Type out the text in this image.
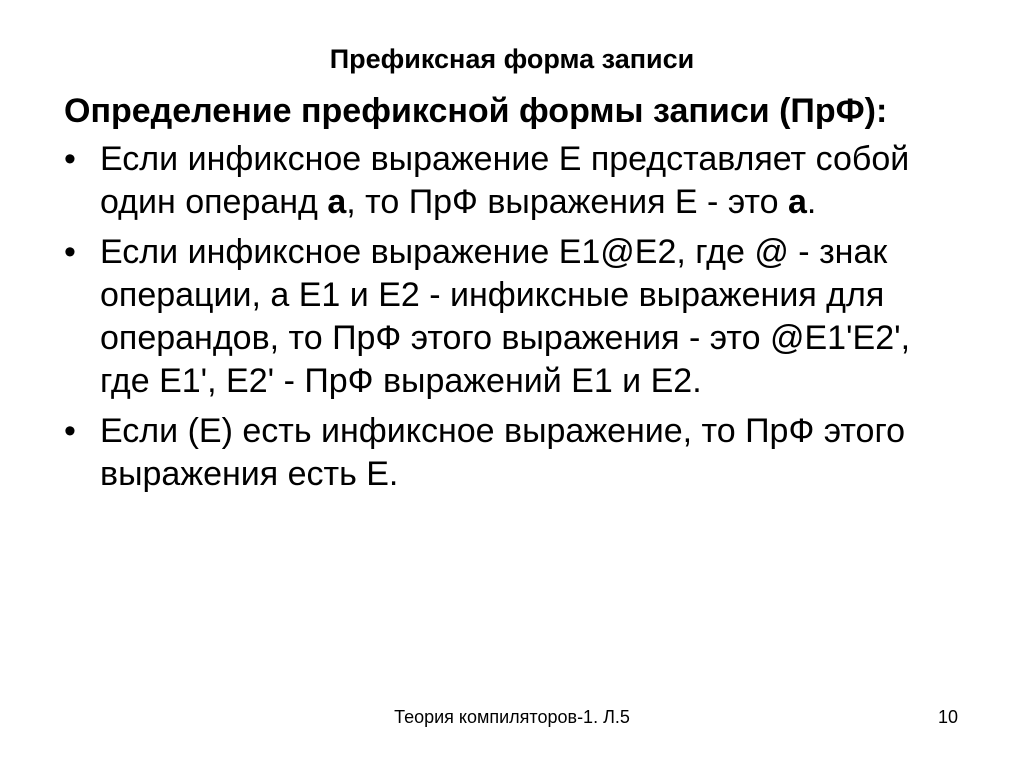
Префиксная форма записи
Определение префиксной формы записи (ПрФ):
• Если инфиксное выражение E представляет собой один операнд a, то ПрФ выражения E - это a.
• Если инфиксное выражение E1@E2, где @ - знак операции, а E1 и E2 - инфиксные выражения для операндов, то ПрФ этого выражения - это @E1'E2', где E1', E2' - ПрФ выражений E1 и E2.
• Если (E) есть инфиксное выражение, то ПрФ этого выражения есть E.
Теория компиляторов-1. Л.5	10
